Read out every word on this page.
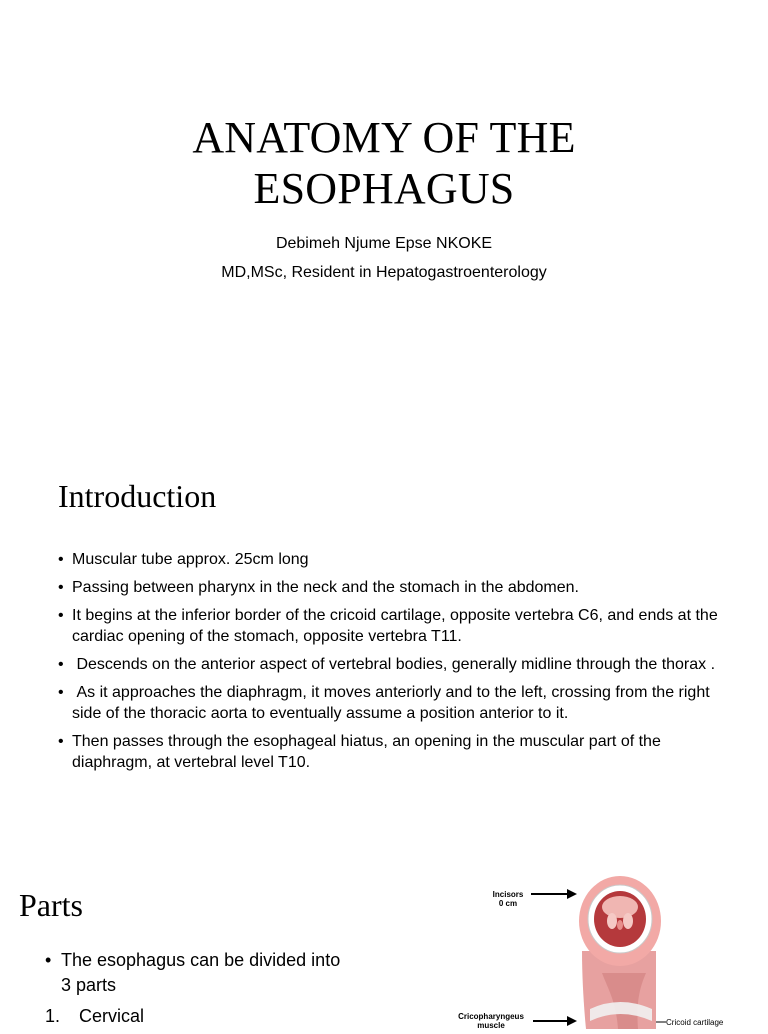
ANATOMY OF THE
ESOPHAGUS
Debimeh Njume Epse NKOKE
MD,MSc, Resident in Hepatogastroenterology
Introduction
• Muscular tube approx. 25cm long
• Passing between pharynx in the neck and the stomach in the abdomen.
• It begins at the inferior border of the cricoid cartilage, opposite vertebra C6, and ends at the cardiac opening of the stomach, opposite vertebra T11.
• Descends on the anterior aspect of vertebral bodies, generally midline through the thorax .
• As it approaches the diaphragm, it moves anteriorly and to the left, crossing from the right side of the thoracic aorta to eventually assume a position anterior to it.
• Then passes through the esophageal hiatus, an opening in the muscular part of the diaphragm, at vertebral level T10.
Parts
• The esophagus can be divided into 3 parts
1. Cervical
Incisors
0 cm
Cricopharyngeus
muscle	Cricoid cartilage
